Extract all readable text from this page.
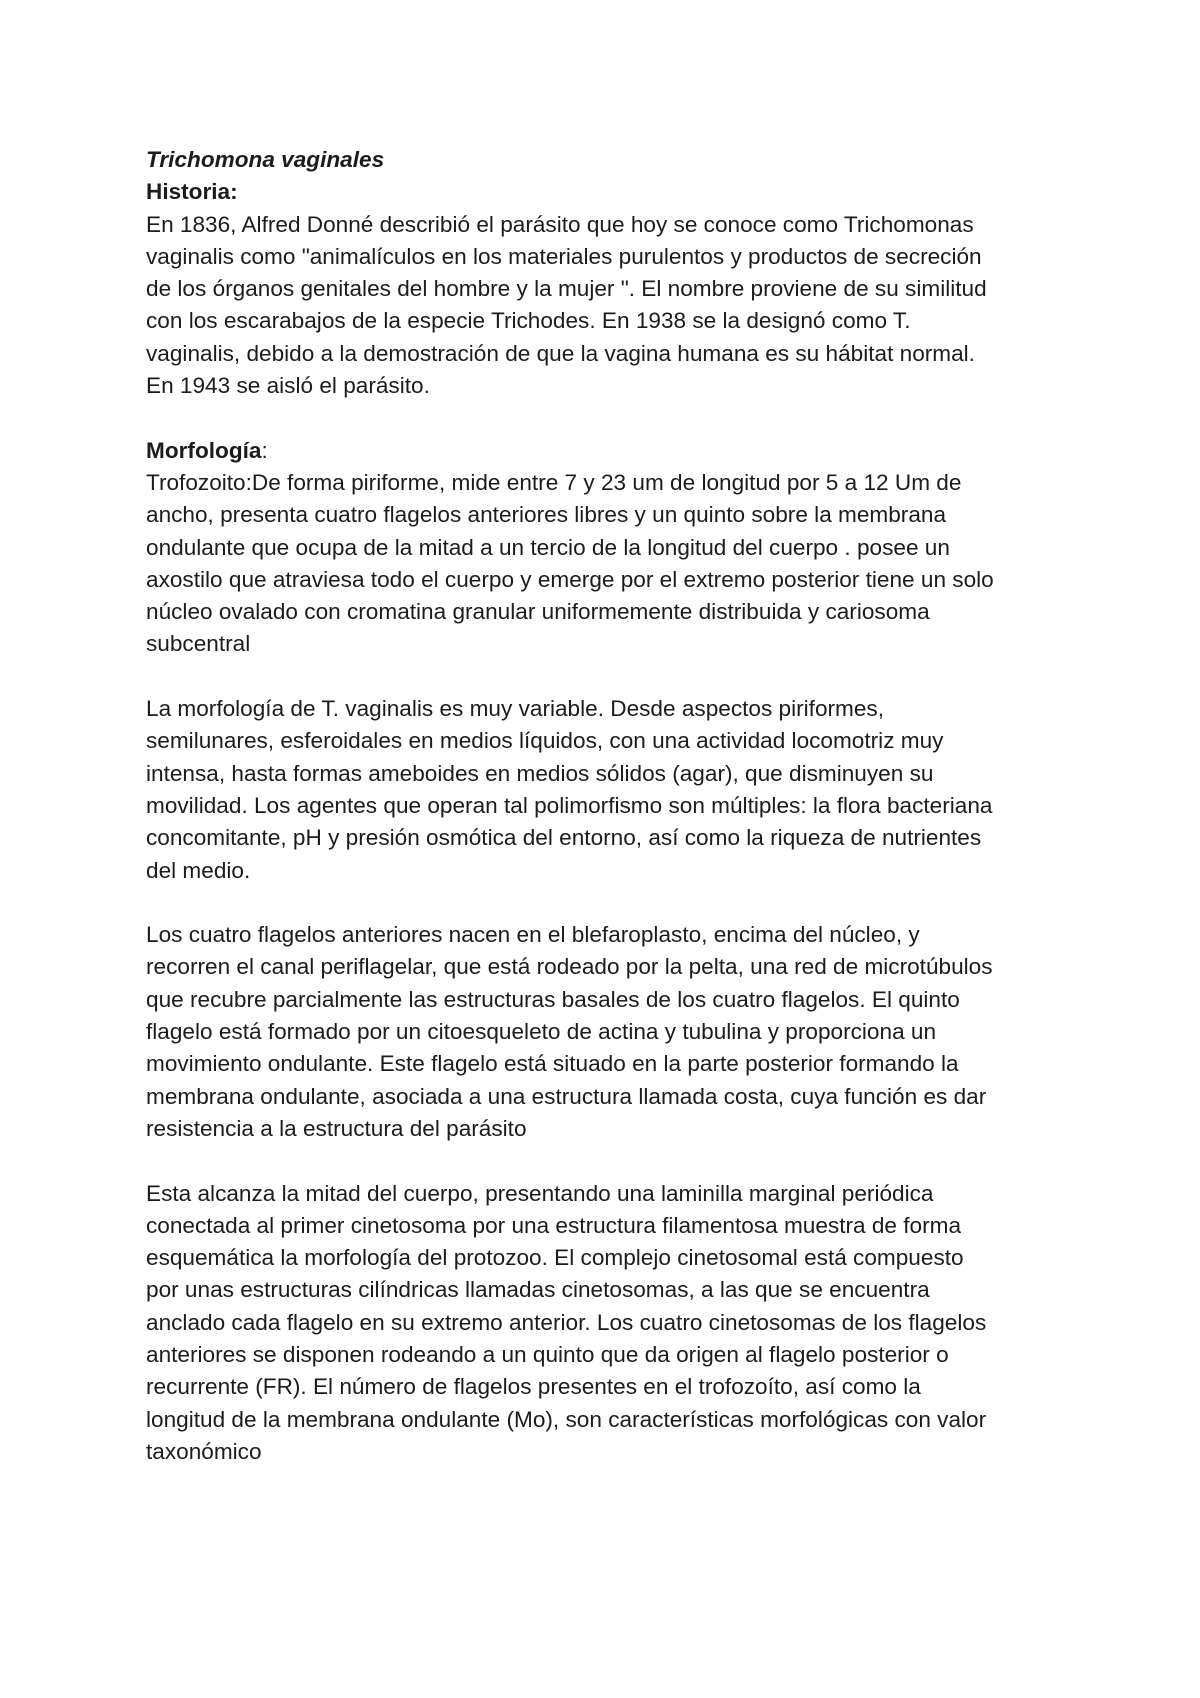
Trichomona vaginales

Historia:

En 1836, Alfred Donné describió el parásito que hoy se conoce como Trichomonas
vaginalis como "animalículos en los materiales purulentos y productos de secreción
de los órganos genitales del hombre y la mujer ". El nombre proviene de su similitud
con los escarabajos de la especie Trichodes. En 1938 se la designó como T.
vaginalis, debido a la demostración de que la vagina humana es su hábitat normal.
En 1943 se aisló el parásito.

Morfología:

Trofozoito:De forma piriforme, mide entre 7 y 23 um de longitud por 5 a 12 Um de
ancho, presenta cuatro flagelos anteriores libres y un quinto sobre la membrana
ondulante que ocupa de la mitad a un tercio de la longitud del cuerpo . posee un
axostilo que atraviesa todo el cuerpo y emerge por el extremo posterior tiene un solo
núcleo ovalado con cromatina granular uniformemente distribuida y cariosoma
subcentral

La morfología de T. vaginalis es muy variable. Desde aspectos piriformes,
semilunares, esferoidales en medios líquidos, con una actividad locomotriz muy
intensa, hasta formas ameboides en medios sólidos (agar), que disminuyen su
movilidad. Los agentes que operan tal polimorfismo son múltiples: la flora bacteriana
concomitante, pH y presión osmótica del entorno, así como la riqueza de nutrientes
del medio.

Los cuatro flagelos anteriores nacen en el blefaroplasto, encima del núcleo, y
recorren el canal periflagelar, que está rodeado por la pelta, una red de microtúbulos
que recubre parcialmente las estructuras basales de los cuatro flagelos. El quinto
flagelo está formado por un citoesqueleto de actina y tubulina y proporciona un
movimiento ondulante. Este flagelo está situado en la parte posterior formando la
membrana ondulante, asociada a una estructura llamada costa, cuya función es dar
resistencia a la estructura del parásito

Esta alcanza la mitad del cuerpo, presentando una laminilla marginal periódica
conectada al primer cinetosoma por una estructura filamentosa muestra de forma
esquemática la morfología del protozoo. El complejo cinetosomal está compuesto
por unas estructuras cilíndricas llamadas cinetosomas, a las que se encuentra
anclado cada flagelo en su extremo anterior. Los cuatro cinetosomas de los flagelos
anteriores se disponen rodeando a un quinto que da origen al flagelo posterior o
recurrente (FR). El número de flagelos presentes en el trofozoíto, así como la
longitud de la membrana ondulante (Mo), son características morfológicas con valor
taxonómico
